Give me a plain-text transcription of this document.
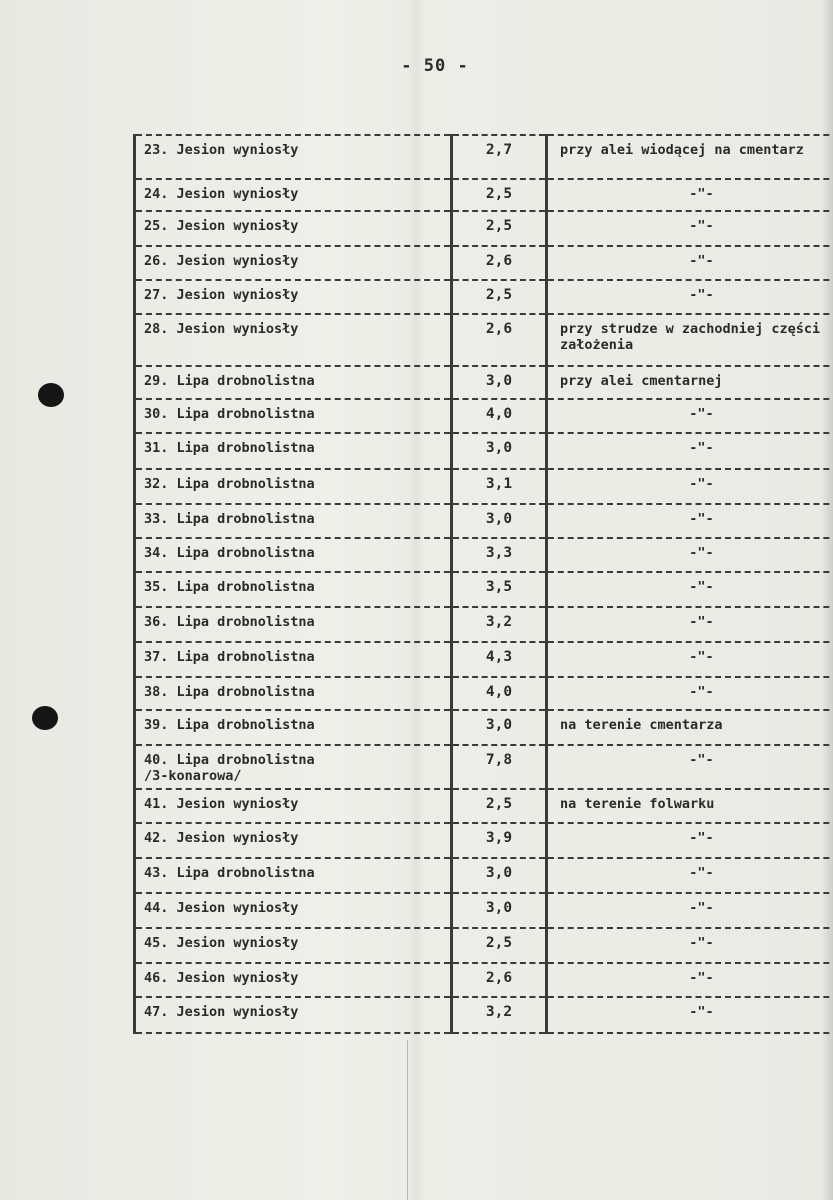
- 50 -
23. Jesion wyniosły	2,7	przy alei wiodącej na cmentarz
24. Jesion wyniosły	2,5	-"-
25. Jesion wyniosły	2,5	-"-
26. Jesion wyniosły	2,6	-"-
27. Jesion wyniosły	2,5	-"-
28. Jesion wyniosły	2,6	przy strudze w zachodniej części założenia
29. Lipa drobnolistna	3,0	przy alei cmentarnej
30. Lipa drobnolistna	4,0	-"-
31. Lipa drobnolistna	3,0	-"-
32. Lipa drobnolistna	3,1	-"-
33. Lipa drobnolistna	3,0	-"-
34. Lipa drobnolistna	3,3	-"-
35. Lipa drobnolistna	3,5	-"-
36. Lipa drobnolistna	3,2	-"-
37. Lipa drobnolistna	4,3	-"-
38. Lipa drobnolistna	4,0	-"-
39. Lipa drobnolistna	3,0	na terenie cmentarza
40. Lipa drobnolistna
/3-konarowa/	7,8	-"-
41. Jesion wyniosły	2,5	na terenie folwarku
42. Jesion wyniosły	3,9	-"-
43. Lipa drobnolistna	3,0	-"-
44. Jesion wyniosły	3,0	-"-
45. Jesion wyniosły	2,5	-"-
46. Jesion wyniosły	2,6	-"-
47. Jesion wyniosły	3,2	-"-
